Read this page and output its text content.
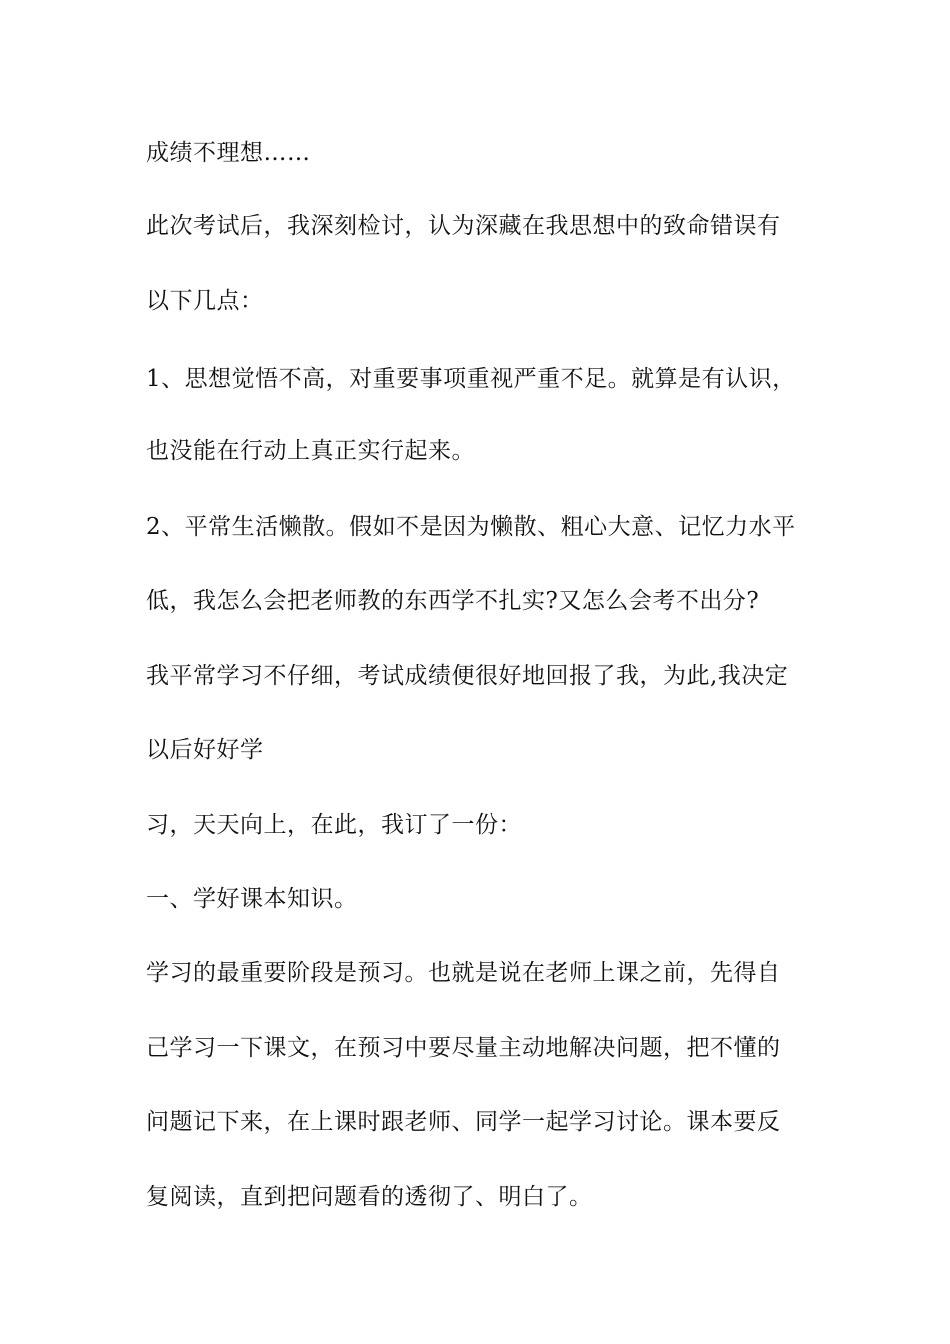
成绩不理想……

此次考试后，我深刻检讨，认为深藏在我思想中的致命错误有

以下几点：

1、思想觉悟不高，对重要事项重视严重不足。就算是有认识，

也没能在行动上真正实行起来。

2、平常生活懒散。假如不是因为懒散、粗心大意、记忆力水平

低，我怎么会把老师教的东西学不扎实?又怎么会考不出分?

我平常学习不仔细，考试成绩便很好地回报了我，为此,我决定

以后好好学

习，天天向上，在此，我订了一份：

一、学好课本知识。

学习的最重要阶段是预习。也就是说在老师上课之前，先得自

己学习一下课文，在预习中要尽量主动地解决问题，把不懂的

问题记下来，在上课时跟老师、同学一起学习讨论。课本要反

复阅读，直到把问题看的透彻了、明白了。
